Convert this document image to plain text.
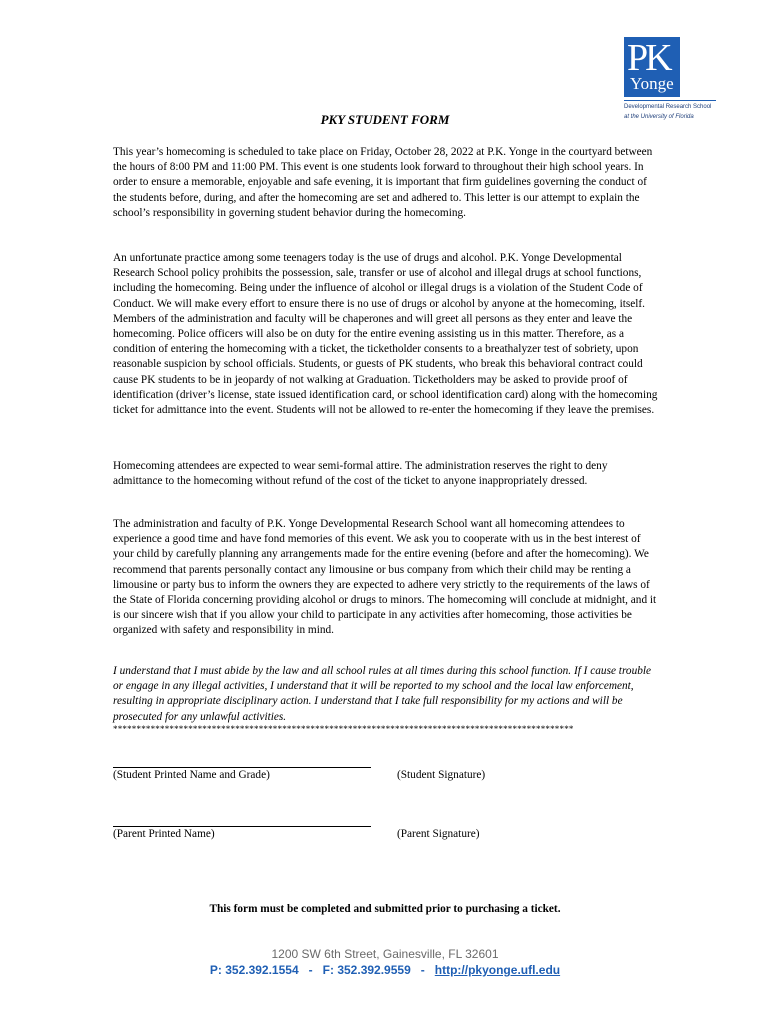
PK
Yonge
Developmental Research School
at the University of Florida
PKY STUDENT FORM

This year’s homecoming is scheduled to take place on Friday, October 28, 2022 at P.K. Yonge in the courtyard between the hours of 8:00 PM and 11:00 PM. This event is one students look forward to throughout their high school years. In order to ensure a memorable, enjoyable and safe evening, it is important that firm guidelines governing the conduct of the students before, during, and after the homecoming are set and adhered to. This letter is our attempt to explain the school’s responsibility in governing student behavior during the homecoming.

An unfortunate practice among some teenagers today is the use of drugs and alcohol. P.K. Yonge Developmental Research School policy prohibits the possession, sale, transfer or use of alcohol and illegal drugs at school functions, including the homecoming. Being under the influence of alcohol or illegal drugs is a violation of the Student Code of Conduct. We will make every effort to ensure there is no use of drugs or alcohol by anyone at the homecoming, itself. Members of the administration and faculty will be chaperones and will greet all persons as they enter and leave the homecoming. Police officers will also be on duty for the entire evening assisting us in this matter. Therefore, as a condition of entering the homecoming with a ticket, the ticketholder consents to a breathalyzer test of sobriety, upon reasonable suspicion by school officials. Students, or guests of PK students, who break this behavioral contract could cause PK students to be in jeopardy of not walking at Graduation. Ticketholders may be asked to provide proof of identification (driver’s license, state issued identification card, or school identification card) along with the homecoming ticket for admittance into the event. Students will not be allowed to re-enter the homecoming if they leave the premises.

Homecoming attendees are expected to wear semi-formal attire. The administration reserves the right to deny admittance to the homecoming without refund of the cost of the ticket to anyone inappropriately dressed.

The administration and faculty of P.K. Yonge Developmental Research School want all homecoming attendees to experience a good time and have fond memories of this event. We ask you to cooperate with us in the best interest of your child by carefully planning any arrangements made for the entire evening (before and after the homecoming). We recommend that parents personally contact any limousine or bus company from which their child may be renting a limousine or party bus to inform the owners they are expected to adhere very strictly to the requirements of the laws of the State of Florida concerning providing alcohol or drugs to minors. The homecoming will conclude at midnight, and it is our sincere wish that if you allow your child to participate in any activities after homecoming, those activities be organized with safety and responsibility in mind.

I understand that I must abide by the law and all school rules at all times during this school function. If I cause trouble or engage in any illegal activities, I understand that it will be reported to my school and the local law enforcement, resulting in appropriate disciplinary action. I understand that I take full responsibility for my actions and will be prosecuted for any unlawful activities.

**************************************************************************************************
(Student Printed Name and Grade)	(Student Signature)
(Parent Printed Name)	(Parent Signature)
This form must be completed and submitted prior to purchasing a ticket.
1200 SW 6th Street, Gainesville, FL 32601
P: 352.392.1554 - F: 352.392.9559 - http://pkyonge.ufl.edu
